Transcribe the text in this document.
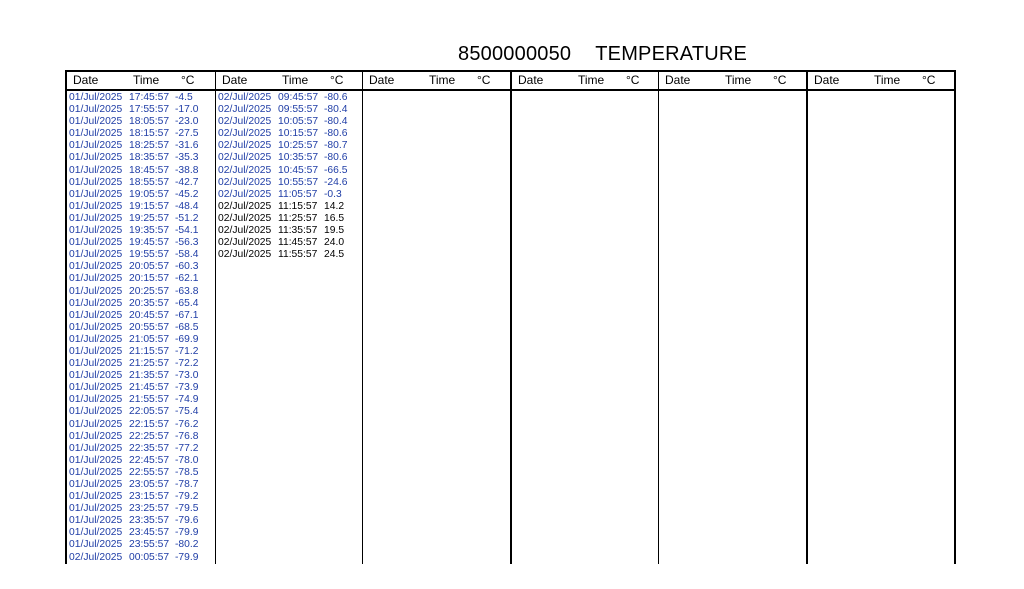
8500000050 TEMPERATURE
Date	Time °C
01/Jul/2025 17:45:57 -4.5
01/Jul/2025 17:55:57 -17.0
01/Jul/2025 18:05:57 -23.0
01/Jul/2025 18:15:57 -27.5
01/Jul/2025 18:25:57 -31.6
01/Jul/2025 18:35:57 -35.3
01/Jul/2025 18:45:57 -38.8
01/Jul/2025 18:55:57 -42.7
01/Jul/2025 19:05:57 -45.2
01/Jul/2025 19:15:57 -48.4
01/Jul/2025 19:25:57 -51.2
01/Jul/2025 19:35:57 -54.1
01/Jul/2025 19:45:57 -56.3
01/Jul/2025 19:55:57 -58.4
01/Jul/2025 20:05:57 -60.3
01/Jul/2025 20:15:57 -62.1
01/Jul/2025 20:25:57 -63.8
01/Jul/2025 20:35:57 -65.4
01/Jul/2025 20:45:57 -67.1
01/Jul/2025 20:55:57 -68.5
01/Jul/2025 21:05:57 -69.9
01/Jul/2025 21:15:57 -71.2
01/Jul/2025 21:25:57 -72.2
01/Jul/2025 21:35:57 -73.0
01/Jul/2025 21:45:57 -73.9
01/Jul/2025 21:55:57 -74.9
01/Jul/2025 22:05:57 -75.4
01/Jul/2025 22:15:57 -76.2
01/Jul/2025 22:25:57 -76.8
01/Jul/2025 22:35:57 -77.2
01/Jul/2025 22:45:57 -78.0
01/Jul/2025 22:55:57 -78.5
01/Jul/2025 23:05:57 -78.7
01/Jul/2025 23:15:57 -79.2
01/Jul/2025 23:25:57 -79.5
01/Jul/2025 23:35:57 -79.6
01/Jul/2025 23:45:57 -79.9
01/Jul/2025 23:55:57 -80.2
02/Jul/2025 00:05:57 -79.9
Date	Time °C
02/Jul/2025 09:45:57 -80.6
02/Jul/2025 09:55:57 -80.4
02/Jul/2025 10:05:57 -80.4
02/Jul/2025 10:15:57 -80.6
02/Jul/2025 10:25:57 -80.7
02/Jul/2025 10:35:57 -80.6
02/Jul/2025 10:45:57 -66.5
02/Jul/2025 10:55:57 -24.6
02/Jul/2025 11:05:57 -0.3
02/Jul/2025 11:15:57 14.2
02/Jul/2025 11:25:57 16.5
02/Jul/2025 11:35:57 19.5
02/Jul/2025 11:45:57 24.0
02/Jul/2025 11:55:57 24.5
Date	Time °C Date	Time °C Date	Time °C Date	Time °C
